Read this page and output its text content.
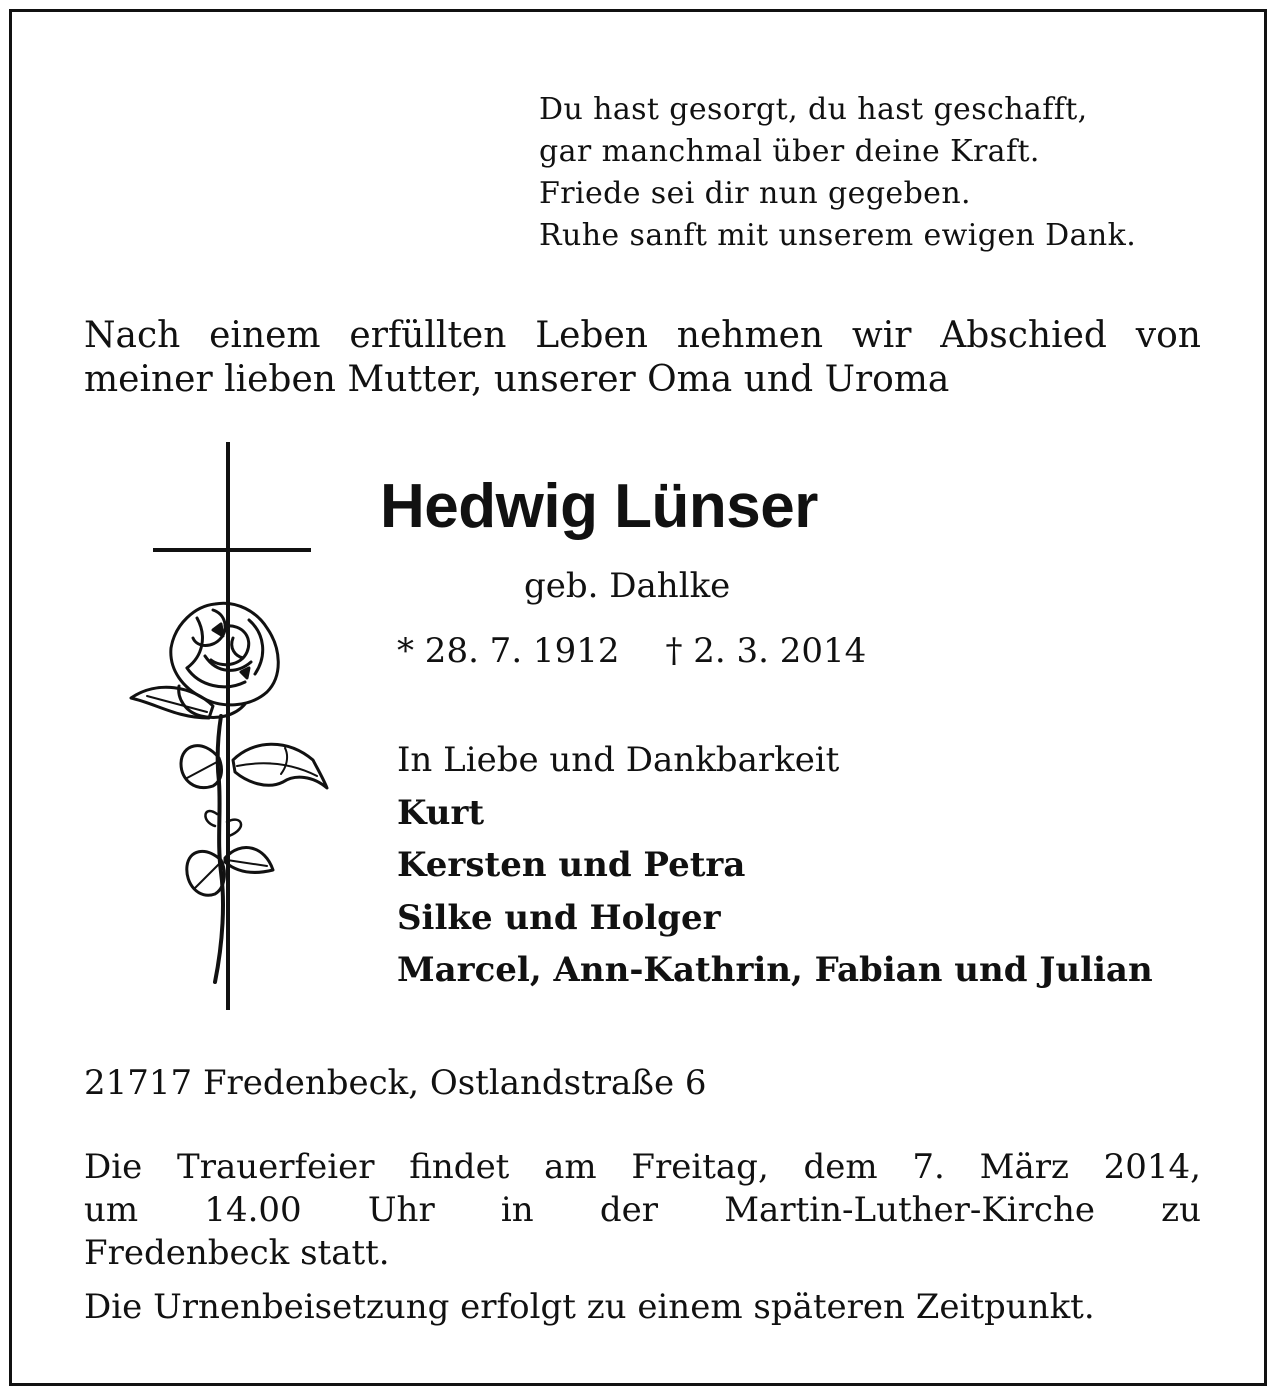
Du hast gesorgt, du hast geschafft,
gar manchmal über deine Kraft.
Friede sei dir nun gegeben.
Ruhe sanft mit unserem ewigen Dank.
Nach einem erfüllten Leben nehmen wir Abschied von
meiner lieben Mutter, unserer Oma und Uroma
Hedwig Lünser
geb. Dahlke
* 28. 7. 1912 † 2. 3. 2014
In Liebe und Dankbarkeit
Kurt
Kersten und Petra
Silke und Holger
Marcel, Ann-Kathrin, Fabian und Julian
21717 Fredenbeck, Ostlandstraße 6
Die Trauerfeier findet am Freitag, dem 7. März 2014,
um 14.00 Uhr in der Martin-Luther-Kirche zu
Fredenbeck statt.
Die Urnenbeisetzung erfolgt zu einem späteren Zeitpunkt.
